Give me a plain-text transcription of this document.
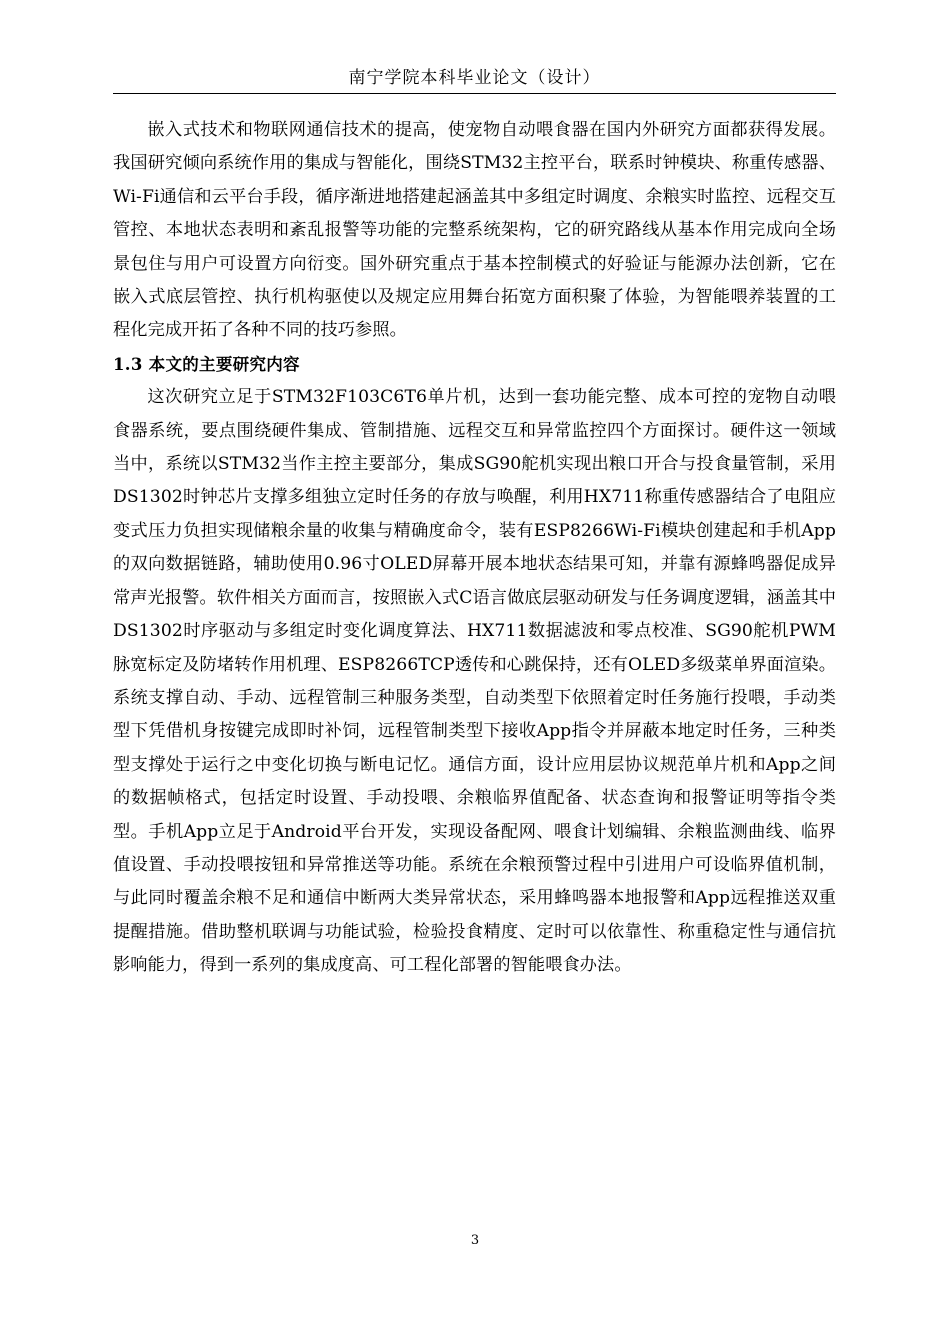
南宁学院本科毕业论文（设计）

嵌入式技术和物联网通信技术的提高，使宠物自动喂食器在国内外研究方面都获得发展。我国研究倾向系统作用的集成与智能化，围绕STM32主控平台，联系时钟模块、称重传感器、Wi-Fi通信和云平台手段，循序渐进地搭建起涵盖其中多组定时调度、余粮实时监控、远程交互管控、本地状态表明和紊乱报警等功能的完整系统架构，它的研究路线从基本作用完成向全场景包住与用户可设置方向衍变。国外研究重点于基本控制模式的好验证与能源办法创新，它在嵌入式底层管控、执行机构驱使以及规定应用舞台拓宽方面积聚了体验，为智能喂养装置的工程化完成开拓了各种不同的技巧参照。

1.3 本文的主要研究内容

这次研究立足于STM32F103C6T6单片机，达到一套功能完整、成本可控的宠物自动喂食器系统，要点围绕硬件集成、管制措施、远程交互和异常监控四个方面探讨。硬件这一领域当中，系统以STM32当作主控主要部分，集成SG90舵机实现出粮口开合与投食量管制，采用DS1302时钟芯片支撑多组独立定时任务的存放与唤醒，利用HX711称重传感器结合了电阻应变式压力负担实现储粮余量的收集与精确度命令，装有ESP8266Wi-Fi模块创建起和手机App的双向数据链路，辅助使用0.96寸OLED屏幕开展本地状态结果可知，并靠有源蜂鸣器促成异常声光报警。软件相关方面而言，按照嵌入式C语言做底层驱动研发与任务调度逻辑，涵盖其中DS1302时序驱动与多组定时变化调度算法、HX711数据滤波和零点校准、SG90舵机PWM脉宽标定及防堵转作用机理、ESP8266TCP透传和心跳保持，还有OLED多级菜单界面渲染。系统支撑自动、手动、远程管制三种服务类型，自动类型下依照着定时任务施行投喂，手动类型下凭借机身按键完成即时补饲，远程管制类型下接收App指令并屏蔽本地定时任务，三种类型支撑处于运行之中变化切换与断电记忆。通信方面，设计应用层协议规范单片机和App之间的数据帧格式，包括定时设置、手动投喂、余粮临界值配备、状态查询和报警证明等指令类型。手机App立足于Android平台开发，实现设备配网、喂食计划编辑、余粮监测曲线、临界值设置、手动投喂按钮和异常推送等功能。系统在余粮预警过程中引进用户可设临界值机制，与此同时覆盖余粮不足和通信中断两大类异常状态，采用蜂鸣器本地报警和App远程推送双重提醒措施。借助整机联调与功能试验，检验投食精度、定时可以依靠性、称重稳定性与通信抗影响能力，得到一系列的集成度高、可工程化部署的智能喂食办法。

3
